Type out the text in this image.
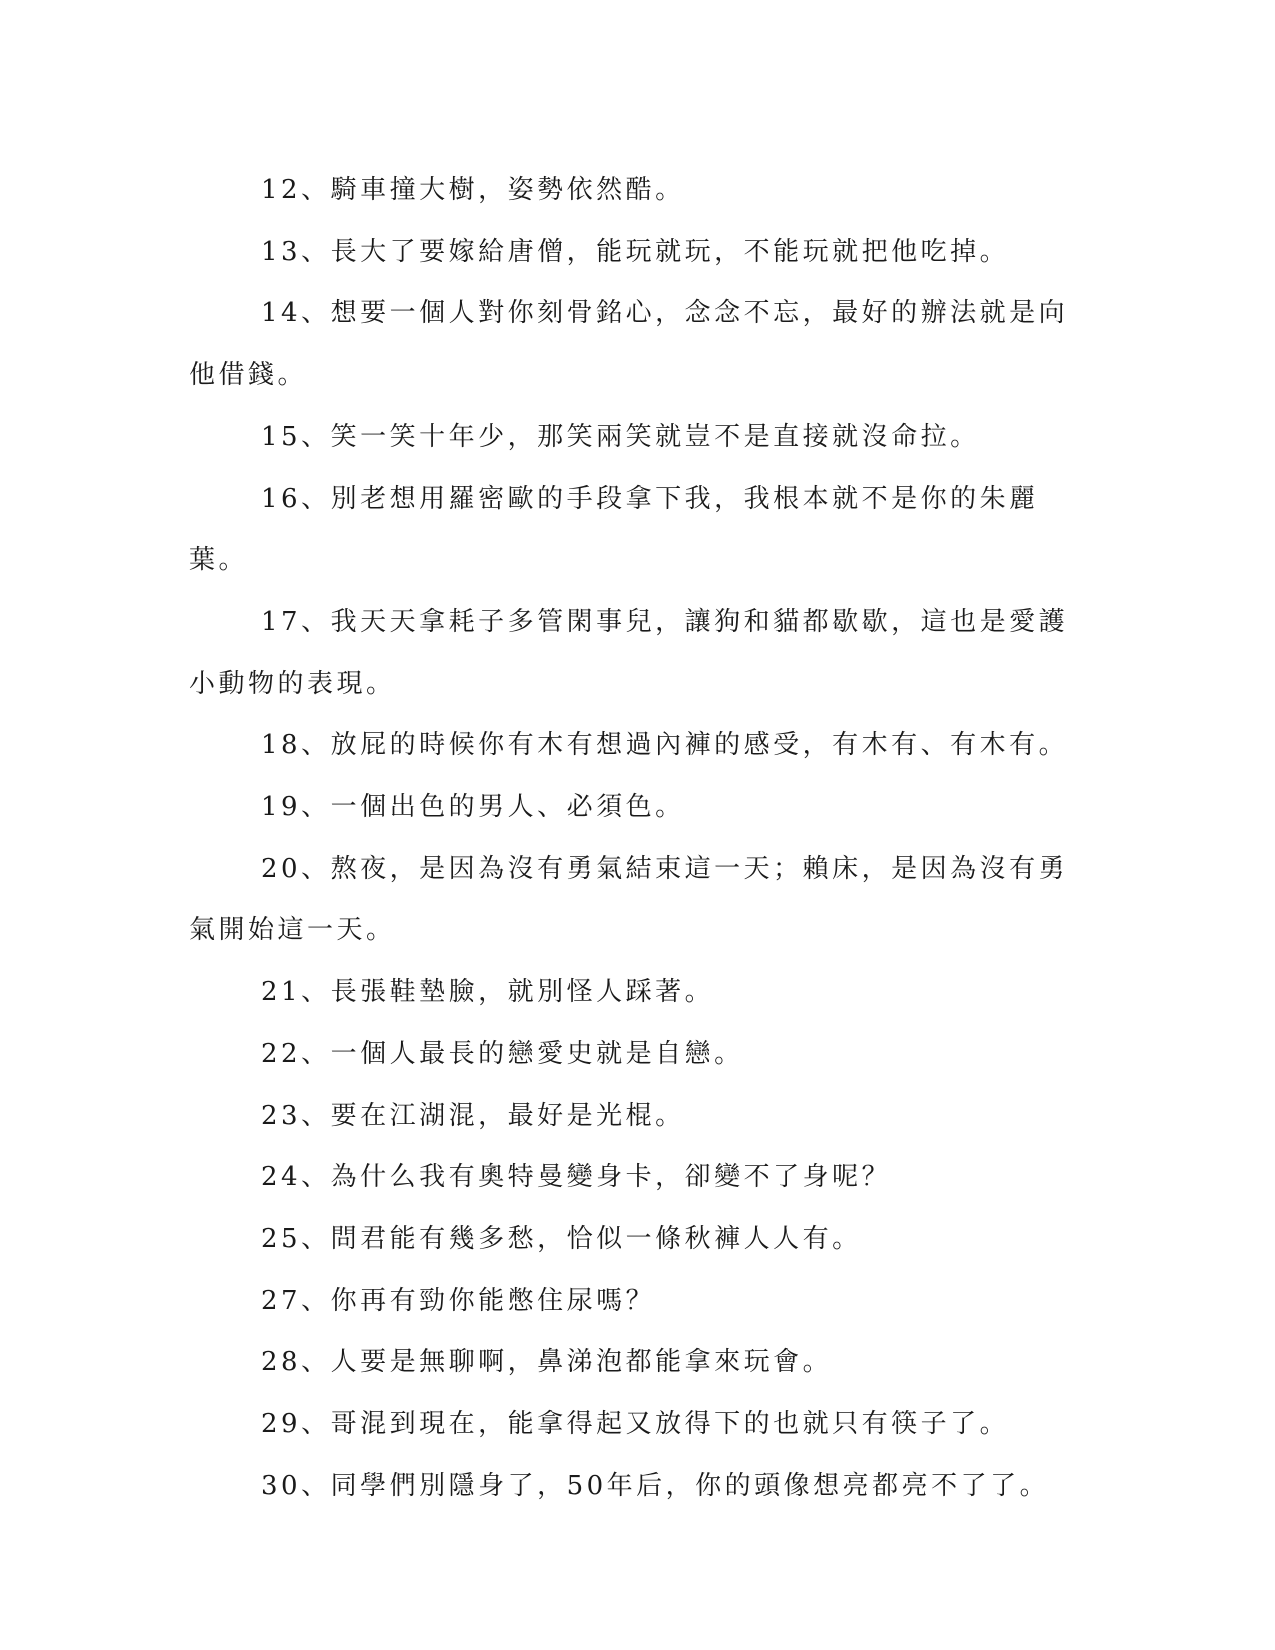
12、騎車撞大樹，姿勢依然酷。

13、長大了要嫁給唐僧，能玩就玩，不能玩就把他吃掉。

14、想要一個人對你刻骨銘心，念念不忘，最好的辦法就是向他借錢。

15、笑一笑十年少，那笑兩笑就豈不是直接就沒命拉。

16、別老想用羅密歐的手段拿下我，我根本就不是你的朱麗葉。

17、我天天拿耗子多管閑事兒，讓狗和貓都歇歇，這也是愛護小動物的表現。

18、放屁的時候你有木有想過內褲的感受，有木有、有木有。

19、一個出色的男人、必須色。

20、熬夜，是因為沒有勇氣結束這一天；賴床，是因為沒有勇氣開始這一天。

21、長張鞋墊臉，就別怪人踩著。

22、一個人最長的戀愛史就是自戀。

23、要在江湖混，最好是光棍。

24、為什么我有奧特曼變身卡，卻變不了身呢？

25、問君能有幾多愁，恰似一條秋褲人人有。

27、你再有勁你能憋住尿嗎？

28、人要是無聊啊，鼻涕泡都能拿來玩會。

29、哥混到現在，能拿得起又放得下的也就只有筷子了。

30、同學們別隱身了，50年后，你的頭像想亮都亮不了了。
